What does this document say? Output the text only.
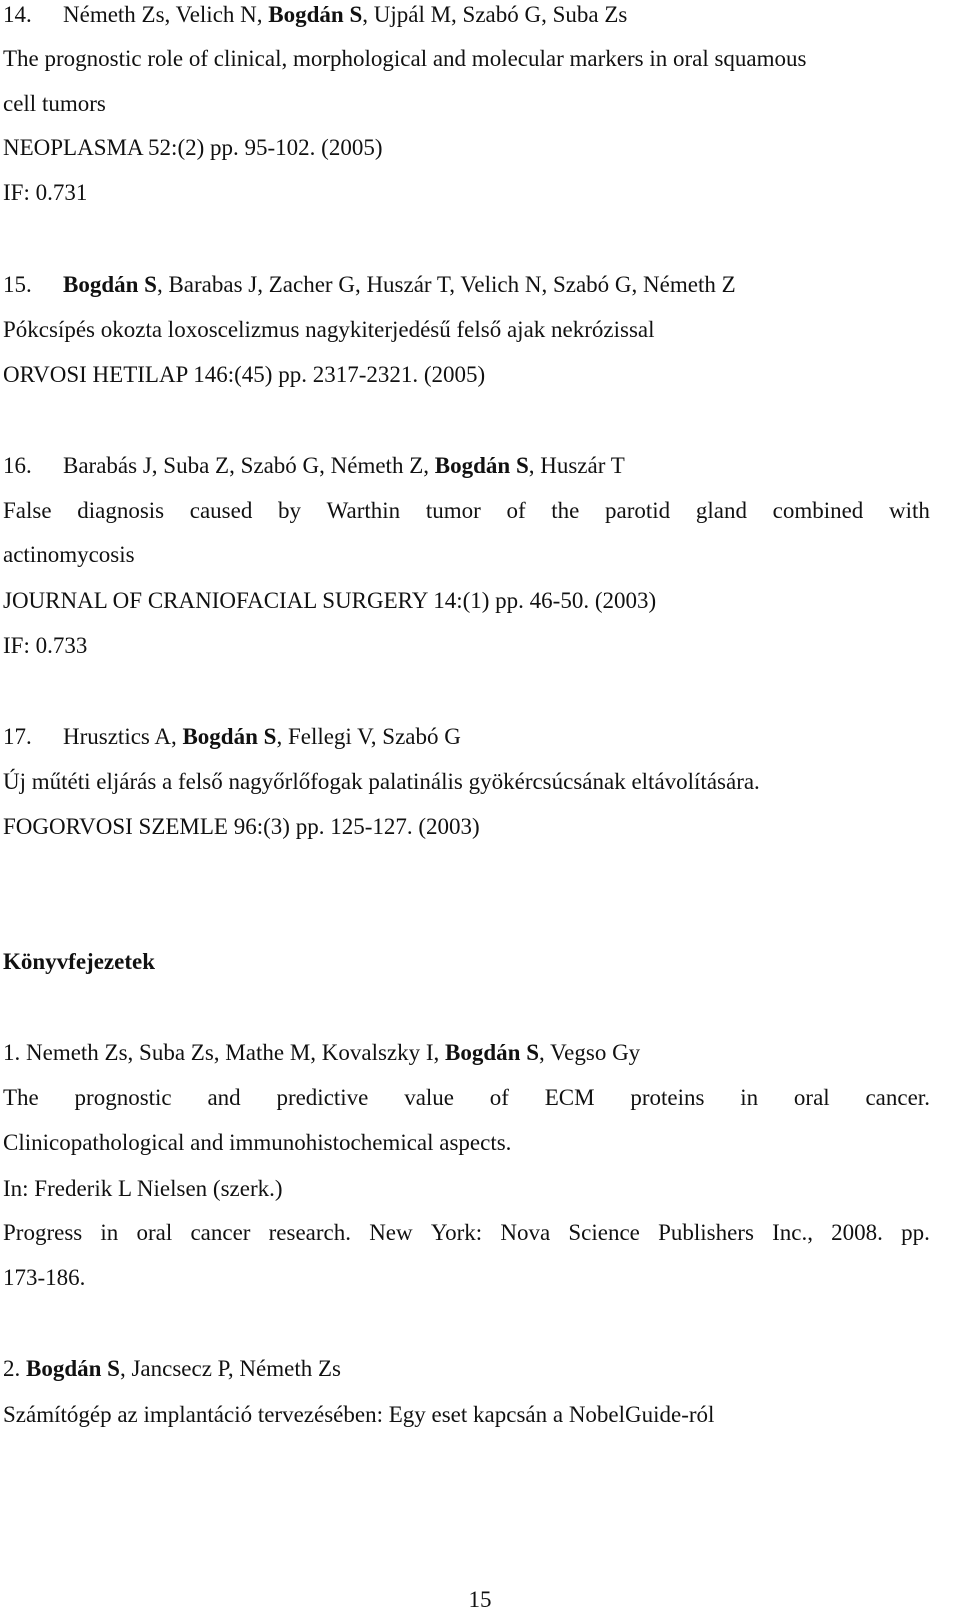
14. Németh Zs, Velich N, Bogdán S, Ujpál M, Szabó G, Suba Zs
The prognostic role of clinical, morphological and molecular markers in oral squamous
cell tumors
NEOPLASMA 52:(2) pp. 95-102. (2005)
IF: 0.731
15. Bogdán S, Barabas J, Zacher G, Huszár T, Velich N, Szabó G, Németh Z
Pókcsípés okozta loxoscelizmus nagykiterjedésű felső ajak nekrózissal
ORVOSI HETILAP 146:(45) pp. 2317-2321. (2005)
16. Barabás J, Suba Z, Szabó G, Németh Z, Bogdán S, Huszár T
False diagnosis caused by Warthin tumor of the parotid gland combined with
actinomycosis
JOURNAL OF CRANIOFACIAL SURGERY 14:(1) pp. 46-50. (2003)
IF: 0.733
17. Hrusztics A, Bogdán S, Fellegi V, Szabó G
Új műtéti eljárás a felső nagyőrlőfogak palatinális gyökércsúcsának eltávolítására.
FOGORVOSI SZEMLE 96:(3) pp. 125-127. (2003)
Könyvfejezetek
1. Nemeth Zs, Suba Zs, Mathe M, Kovalszky I, Bogdán S, Vegso Gy
The prognostic and predictive value of ECM proteins in oral cancer.
Clinicopathological and immunohistochemical aspects.
In: Frederik L Nielsen (szerk.)
Progress in oral cancer research. New York: Nova Science Publishers Inc., 2008. pp.
173-186.
2. Bogdán S, Jancsecz P, Németh Zs
Számítógép az implantáció tervezésében: Egy eset kapcsán a NobelGuide-ról
15
